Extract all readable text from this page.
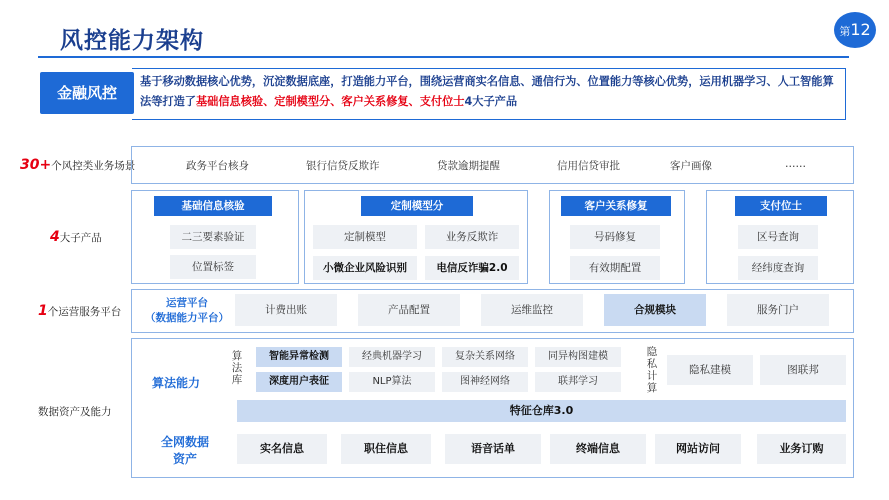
风控能力架构	第12页
金融风控
基于移动数据核心优势，沉淀数据底座，打造能力平台，围绕运营商实名信息、通信行为、位置能力等核心优势，运用机器学习、人工智能算法等打造了基础信息核验、定制模型分、客户关系修复、支付位士4大子产品
30+个风控类业务场景	政务平台核身	银行信贷反欺诈	贷款逾期提醒	信用信贷审批	客户画像	……
4大子产品
基础信息核验
二三要素验证
位置标签
定制模型分
定制模型	业务反欺诈
小微企业风险识别	电信反诈骗2.0
客户关系修复
号码修复
有效期配置
支付位士
区号查询
经纬度查询
1个运营服务平台
运营平台
（数据能力平台）
计费出账	产品配置	运维监控	合规模块	服务门户
数据资产及能力
算法能力
算
法
库
智能异常检测	经典机器学习	复杂关系网络	同异构图建模
深度用户表征	NLP算法	图神经网络	联邦学习
隐
私
计
算
隐私建模	图联邦
特征仓库3.0
全网数据
资产
实名信息	职住信息	语音话单	终端信息	网站访问	业务订购
